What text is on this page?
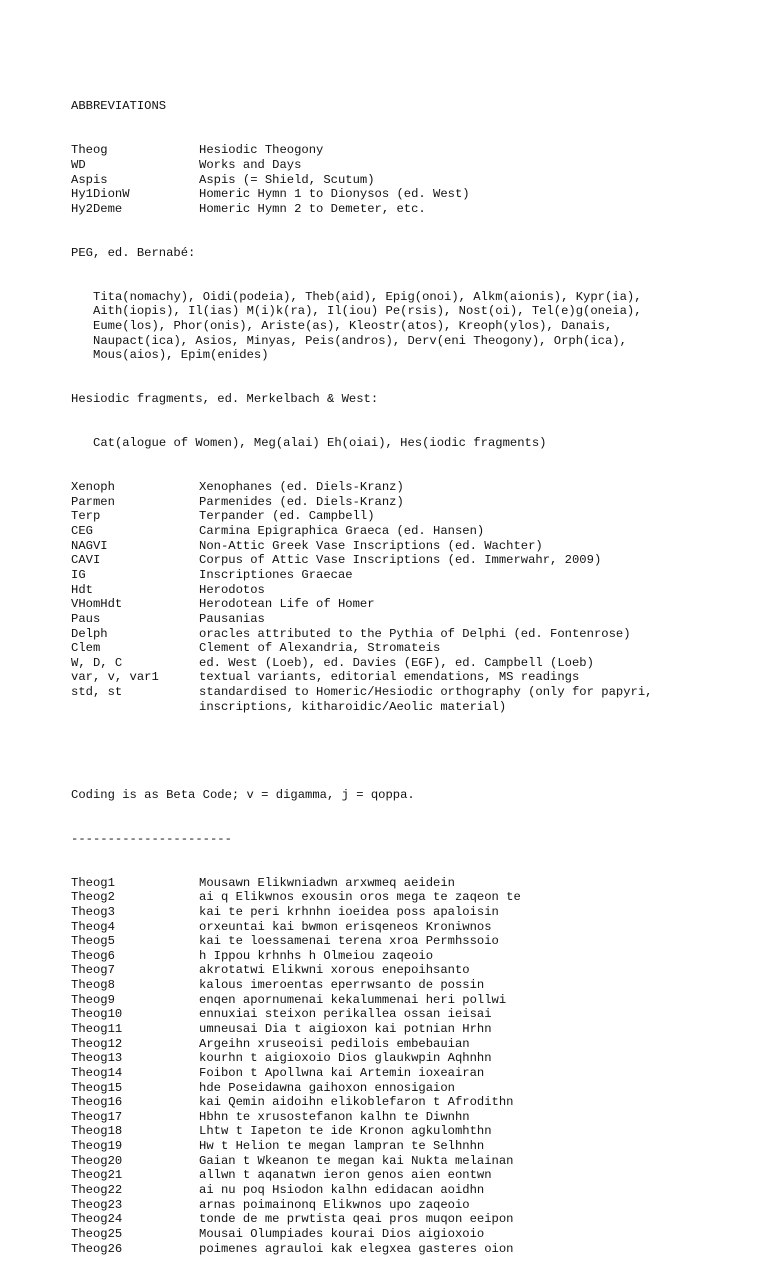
ABBREVIATIONS

Theog	Hesiodic Theogony
WD	Works and Days
Aspis	Aspis (= Shield, Scutum)
Hy1DionW	Homeric Hymn 1 to Dionysos (ed. West)
Hy2Deme	Homeric Hymn 2 to Demeter, etc.

PEG, ed. Bernabé:

Tita(nomachy), Oidi(podeia), Theb(aid), Epig(onoi), Alkm(aionis), Kypr(ia),
Aith(iopis), Il(ias) M(i)k(ra), Il(iou) Pe(rsis), Nost(oi), Tel(e)g(oneia),
Eume(los), Phor(onis), Ariste(as), Kleostr(atos), Kreoph(ylos), Danais,
Naupact(ica), Asios, Minyas, Peis(andros), Derv(eni Theogony), Orph(ica),
Mous(aios), Epim(enides)

Hesiodic fragments, ed. Merkelbach & West:

Cat(alogue of Women), Meg(alai) Eh(oiai), Hes(iodic fragments)

Xenoph	Xenophanes (ed. Diels-Kranz)
Parmen	Parmenides (ed. Diels-Kranz)
Terp	Terpander (ed. Campbell)
CEG	Carmina Epigraphica Graeca (ed. Hansen)
NAGVI	Non-Attic Greek Vase Inscriptions (ed. Wachter)
CAVI	Corpus of Attic Vase Inscriptions (ed. Immerwahr, 2009)
IG	Inscriptiones Graecae
Hdt	Herodotos
VHomHdt	Herodotean Life of Homer
Paus	Pausanias
Delph	oracles attributed to the Pythia of Delphi (ed. Fontenrose)
Clem	Clement of Alexandria, Stromateis
W, D, C	ed. West (Loeb), ed. Davies (EGF), ed. Campbell (Loeb)
var, v, var1	textual variants, editorial emendations, MS readings
std, st	standardised to Homeric/Hesiodic orthography (only for papyri,
inscriptions, kitharoidic/Aeolic material)

Coding is as Beta Code; v = digamma, j = qoppa.

----------------------

Theog1	Mousawn Elikwniadwn arxwmeq aeidein
Theog2	ai q Elikwnos exousin oros mega te zaqeon te
Theog3	kai te peri krhnhn ioeidea poss apaloisin
Theog4	orxeuntai kai bwmon erisqeneos Kroniwnos
Theog5	kai te loessamenai terena xroa Permhssoio
Theog6	h Ippou krhnhs h Olmeiou zaqeoio
Theog7	akrotatwi Elikwni xorous enepoihsanto
Theog8	kalous imeroentas eperrwsanto de possin
Theog9	enqen apornumenai kekalummenai heri pollwi
Theog10	ennuxiai steixon perikallea ossan ieisai
Theog11	umneusai Dia t aigioxon kai potnian Hrhn
Theog12	Argeihn xruseoisi pedilois embebauian
Theog13	kourhn t aigioxoio Dios glaukwpin Aqhnhn
Theog14	Foibon t Apollwna kai Artemin ioxeairan
Theog15	hde Poseidawna gaihoxon ennosigaion
Theog16	kai Qemin aidoihn elikoblefaron t Afrodithn
Theog17	Hbhn te xrusostefanon kalhn te Diwnhn
Theog18	Lhtw t Iapeton te ide Kronon agkulomhthn
Theog19	Hw t Helion te megan lampran te Selhnhn
Theog20	Gaian t Wkeanon te megan kai Nukta melainan
Theog21	allwn t aqanatwn ieron genos aien eontwn
Theog22	ai nu poq Hsiodon kalhn edidacan aoidhn
Theog23	arnas poimainonq Elikwnos upo zaqeoio
Theog24	tonde de me prwtista qeai pros muqon eeipon
Theog25	Mousai Olumpiades kourai Dios aigioxoio
Theog26	poimenes agrauloi kak elegxea gasteres oion
